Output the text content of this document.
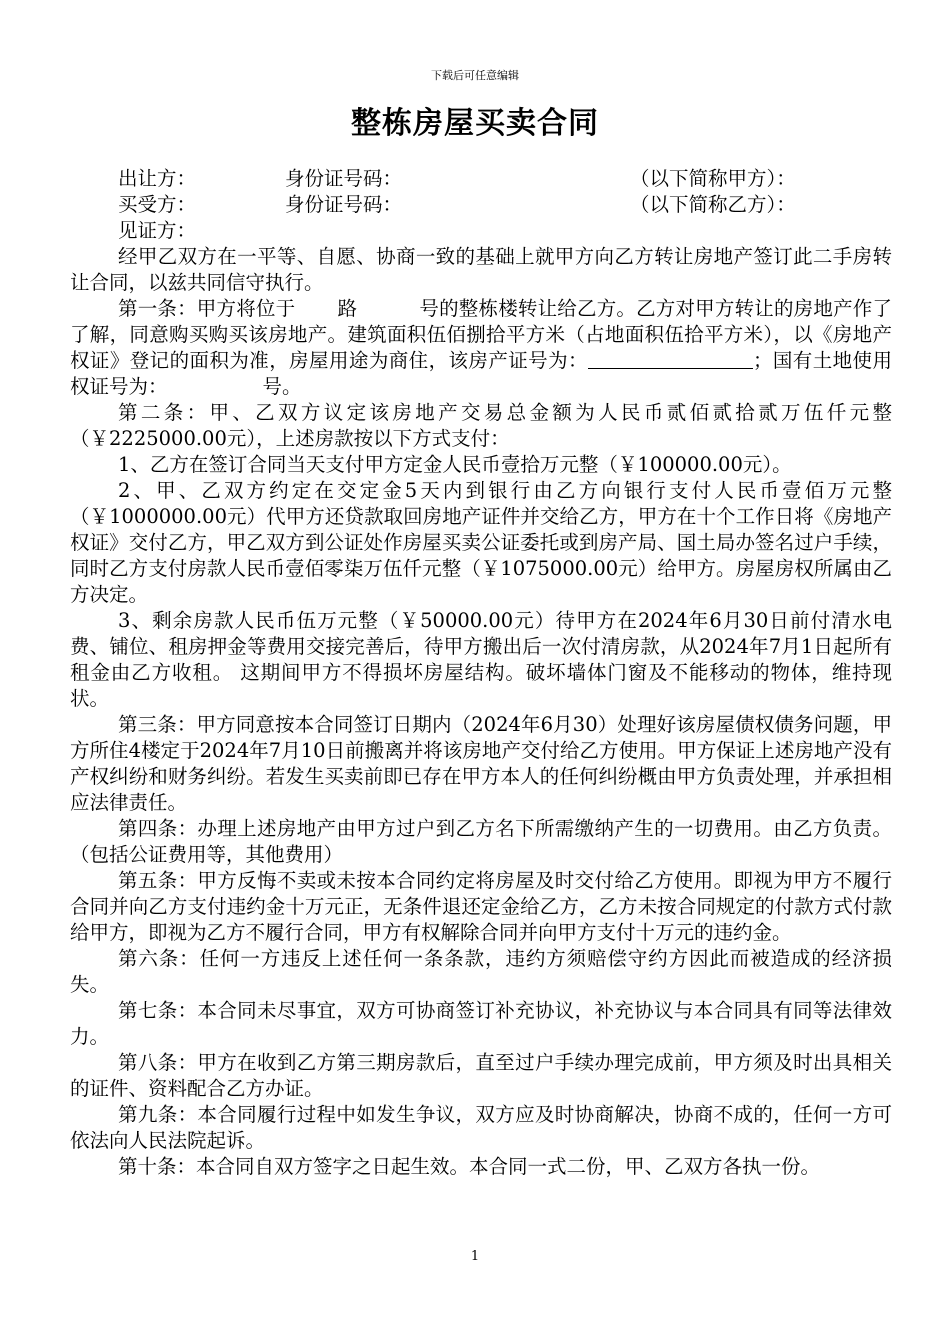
下载后可任意编辑
整栋房屋买卖合同
出让方：	身份证号码：	（以下简称甲方）：
买受方：	身份证号码：	（以下简称乙方）：
见证方：

经甲乙双方在一平等、自愿、协商一致的基础上就甲方向乙方转让房地产签订此二手房转让合同，以兹共同信守执行。

第一条：甲方将位于 路	号的整栋楼转让给乙方。乙方对甲方转让的房地产作了了解，同意购买购买该房地产。建筑面积伍佰捌拾平方米（占地面积伍拾平方米），以《房地产权证》登记的面积为准，房屋用途为商住，该房产证号为：	；国有土地使用权证号为：	号。

第二条：甲、乙双方议定该房地产交易总金额为人民币贰佰贰拾贰万伍仟元整（￥2225000.00元），上述房款按以下方式支付：

1、乙方在签订合同当天支付甲方定金人民币壹拾万元整（￥100000.00元）。

2、甲、乙双方约定在交定金5天内到银行由乙方向银行支付人民币壹佰万元整（￥1000000.00元）代甲方还贷款取回房地产证件并交给乙方，甲方在十个工作日将《房地产权证》交付乙方，甲乙双方到公证处作房屋买卖公证委托或到房产局、国土局办签名过户手续，同时乙方支付房款人民币壹佰零柒万伍仟元整（￥1075000.00元）给甲方。房屋房权所属由乙方决定。

3、剩余房款人民币伍万元整（￥50000.00元）待甲方在2024年6月30日前付清水电费、铺位、租房押金等费用交接完善后，待甲方搬出后一次付清房款，从2024年7月1日起所有租金由乙方收租。 这期间甲方不得损坏房屋结构。破坏墙体门窗及不能移动的物体，维持现状。

第三条：甲方同意按本合同签订日期内（2024年6月30）处理好该房屋债权债务问题，甲方所住4楼定于2024年7月10日前搬离并将该房地产交付给乙方使用。甲方保证上述房地产没有产权纠纷和财务纠纷。若发生买卖前即已存在甲方本人的任何纠纷概由甲方负责处理，并承担相应法律责任。

第四条：办理上述房地产由甲方过户到乙方名下所需缴纳产生的一切费用。由乙方负责。（包括公证费用等，其他费用）

第五条：甲方反悔不卖或未按本合同约定将房屋及时交付给乙方使用。即视为甲方不履行合同并向乙方支付违约金十万元正，无条件退还定金给乙方，乙方未按合同规定的付款方式付款给甲方，即视为乙方不履行合同，甲方有权解除合同并向甲方支付十万元的违约金。

第六条：任何一方违反上述任何一条条款，违约方须赔偿守约方因此而被造成的经济损失。

第七条：本合同未尽事宜，双方可协商签订补充协议，补充协议与本合同具有同等法律效力。

第八条：甲方在收到乙方第三期房款后，直至过户手续办理完成前，甲方须及时出具相关的证件、资料配合乙方办证。

第九条：本合同履行过程中如发生争议，双方应及时协商解决，协商不成的，任何一方可依法向人民法院起诉。

第十条：本合同自双方签字之日起生效。本合同一式二份，甲、乙双方各执一份。

1
